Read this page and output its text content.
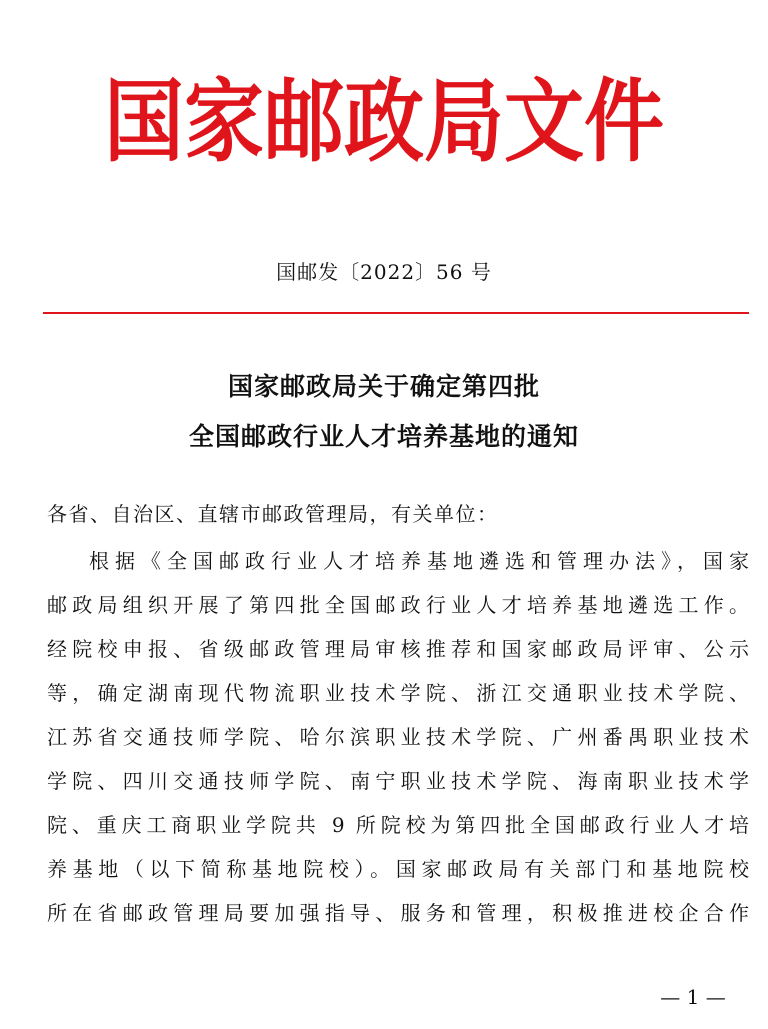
国家邮政局文件
国邮发〔2022〕56 号
国家邮政局关于确定第四批
全国邮政行业人才培养基地的通知
各省、自治区、直辖市邮政管理局，有关单位：
根据《全国邮政行业人才培养基地遴选和管理办法》，国家
邮政局组织开展了第四批全国邮政行业人才培养基地遴选工作。
经院校申报、省级邮政管理局审核推荐和国家邮政局评审、公示
等，确定湖南现代物流职业技术学院、浙江交通职业技术学院、
江苏省交通技师学院、哈尔滨职业技术学院、广州番禺职业技术
学院、四川交通技师学院、南宁职业技术学院、海南职业技术学
院、重庆工商职业学院共 9 所院校为第四批全国邮政行业人才培
养基地（以下简称基地院校）。国家邮政局有关部门和基地院校
所在省邮政管理局要加强指导、服务和管理，积极推进校企合作
— 1 —
